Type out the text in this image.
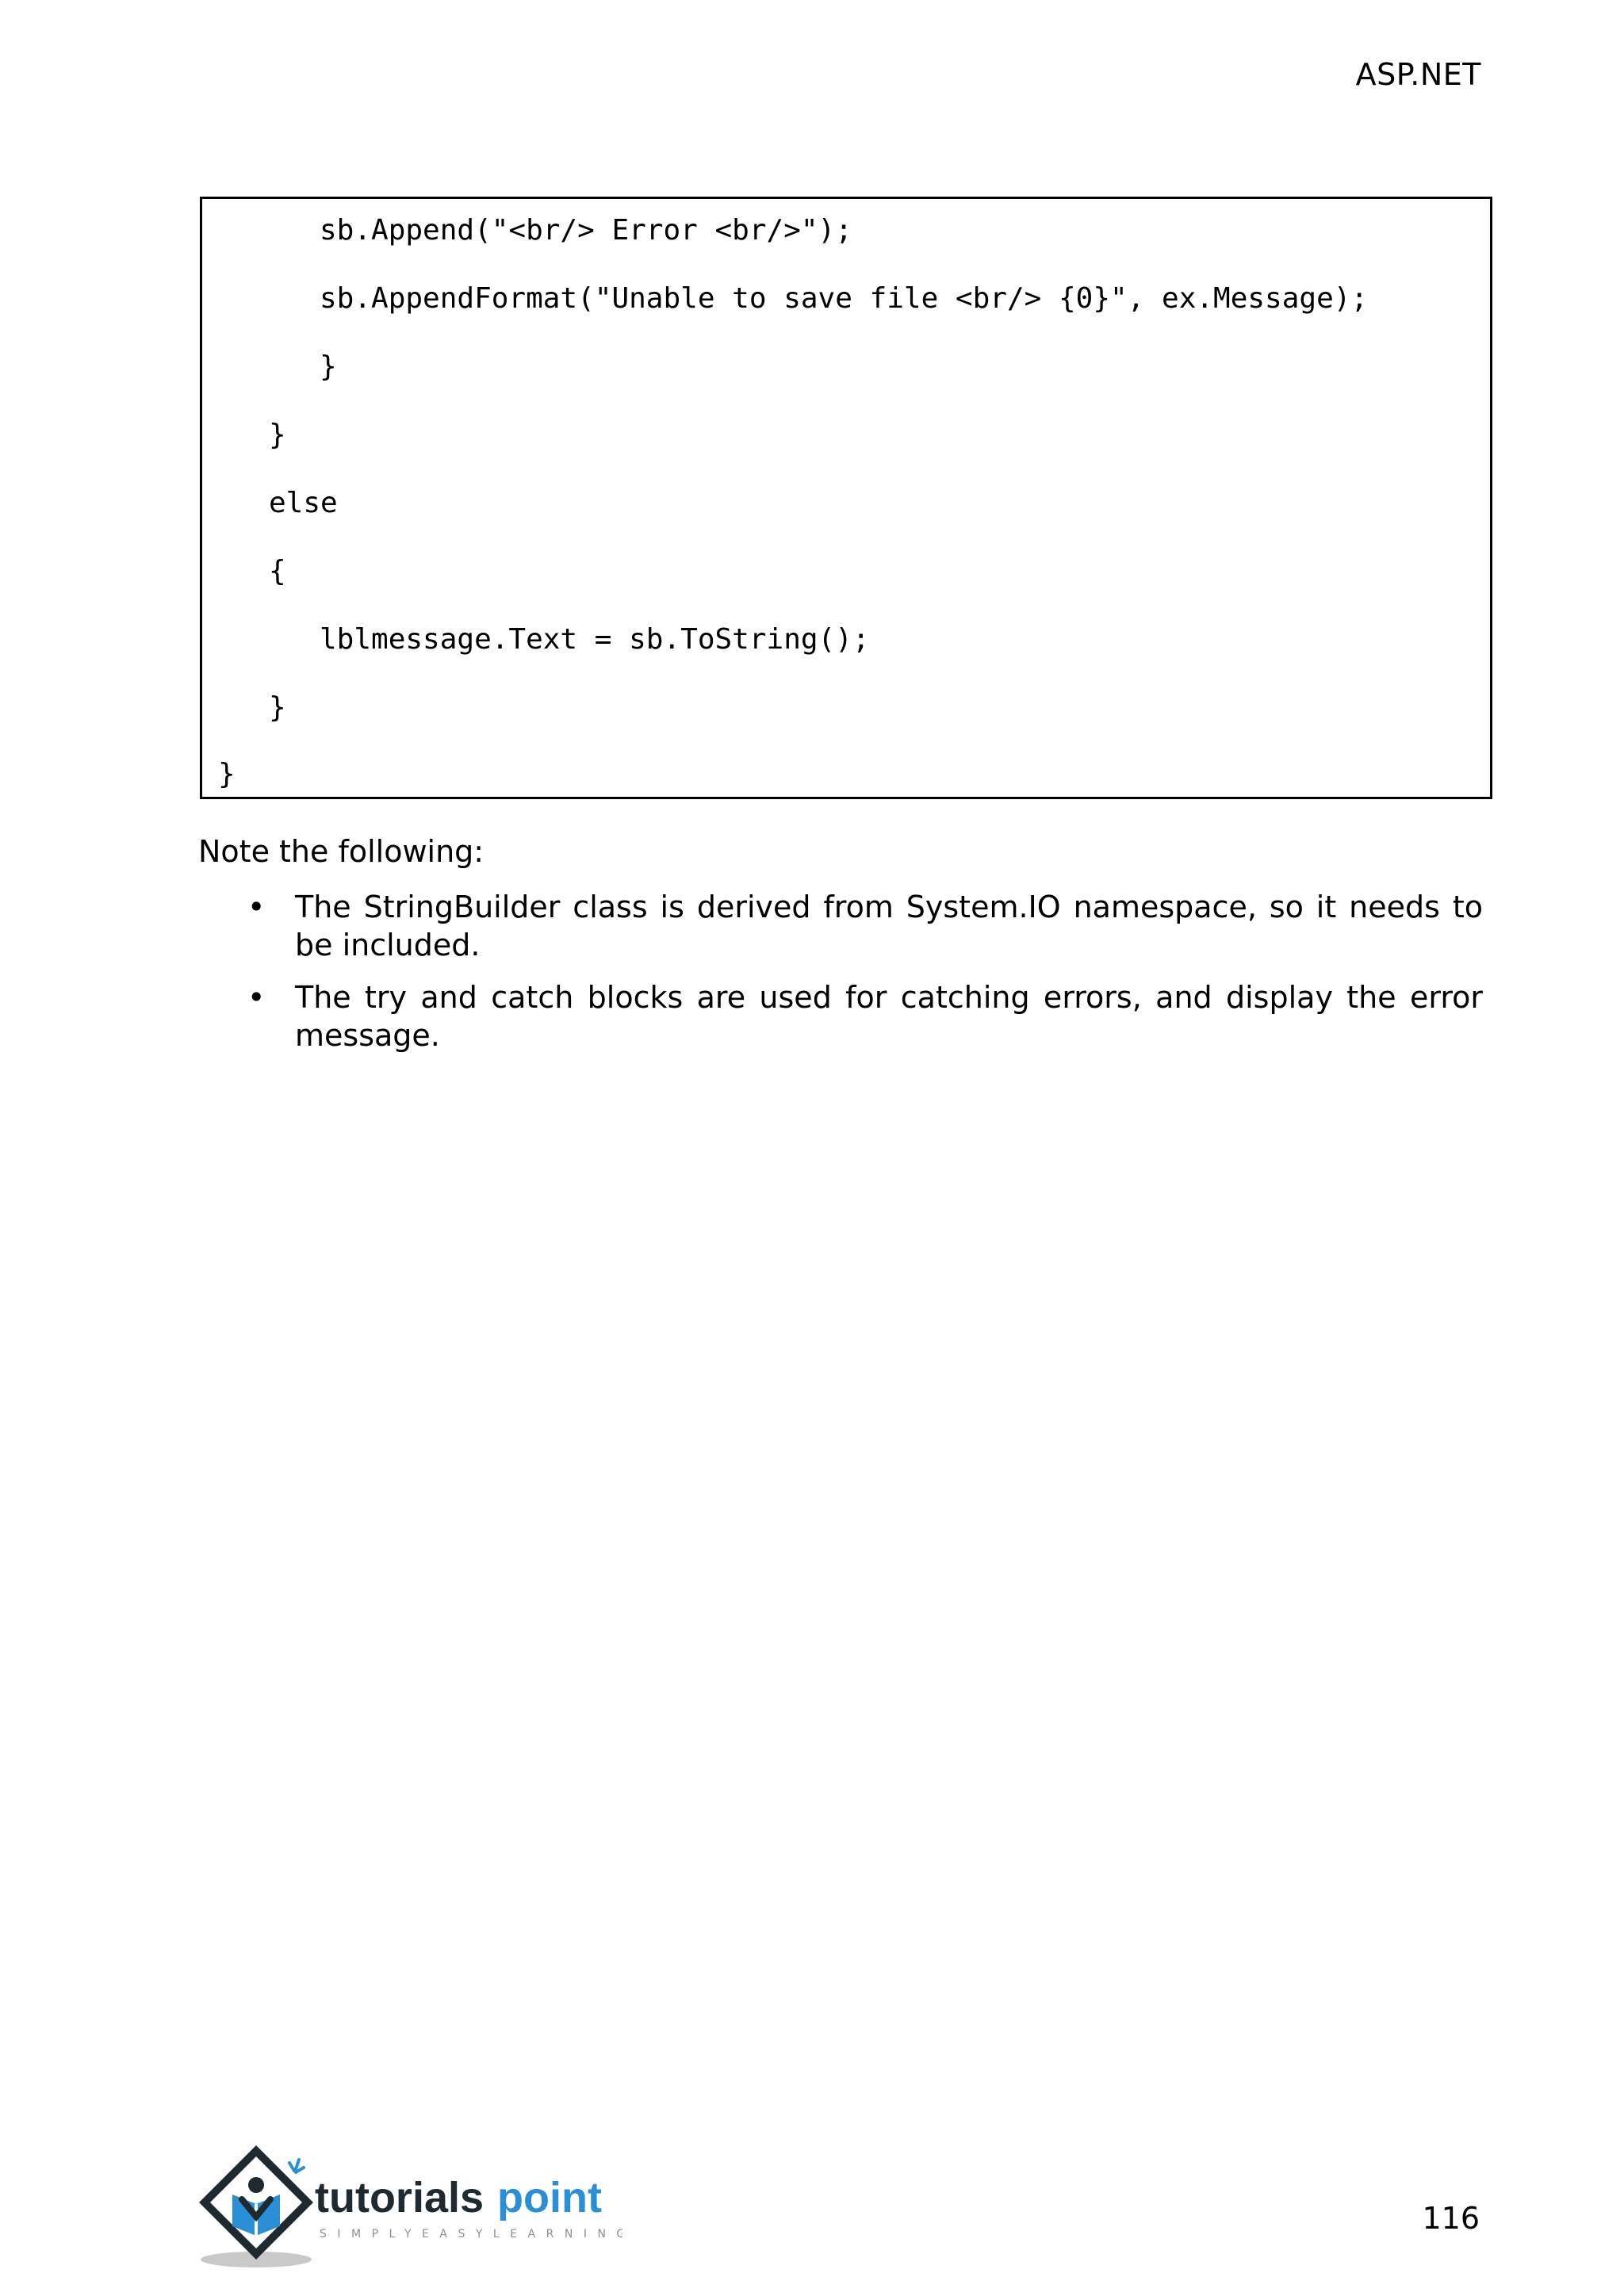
ASP.NET
sb.Append("<br/> Error <br/>");
sb.AppendFormat("Unable to save file <br/> {0}", ex.Message);
}
}
else
{
lblmessage.Text = sb.ToString();
}
}

Note the following:

• The StringBuilder class is derived from System.IO namespace, so it needs to be included.
• The try and catch blocks are used for catching errors, and display the error message.
tutorials point
SIMPLYEASYLEARNING	116
